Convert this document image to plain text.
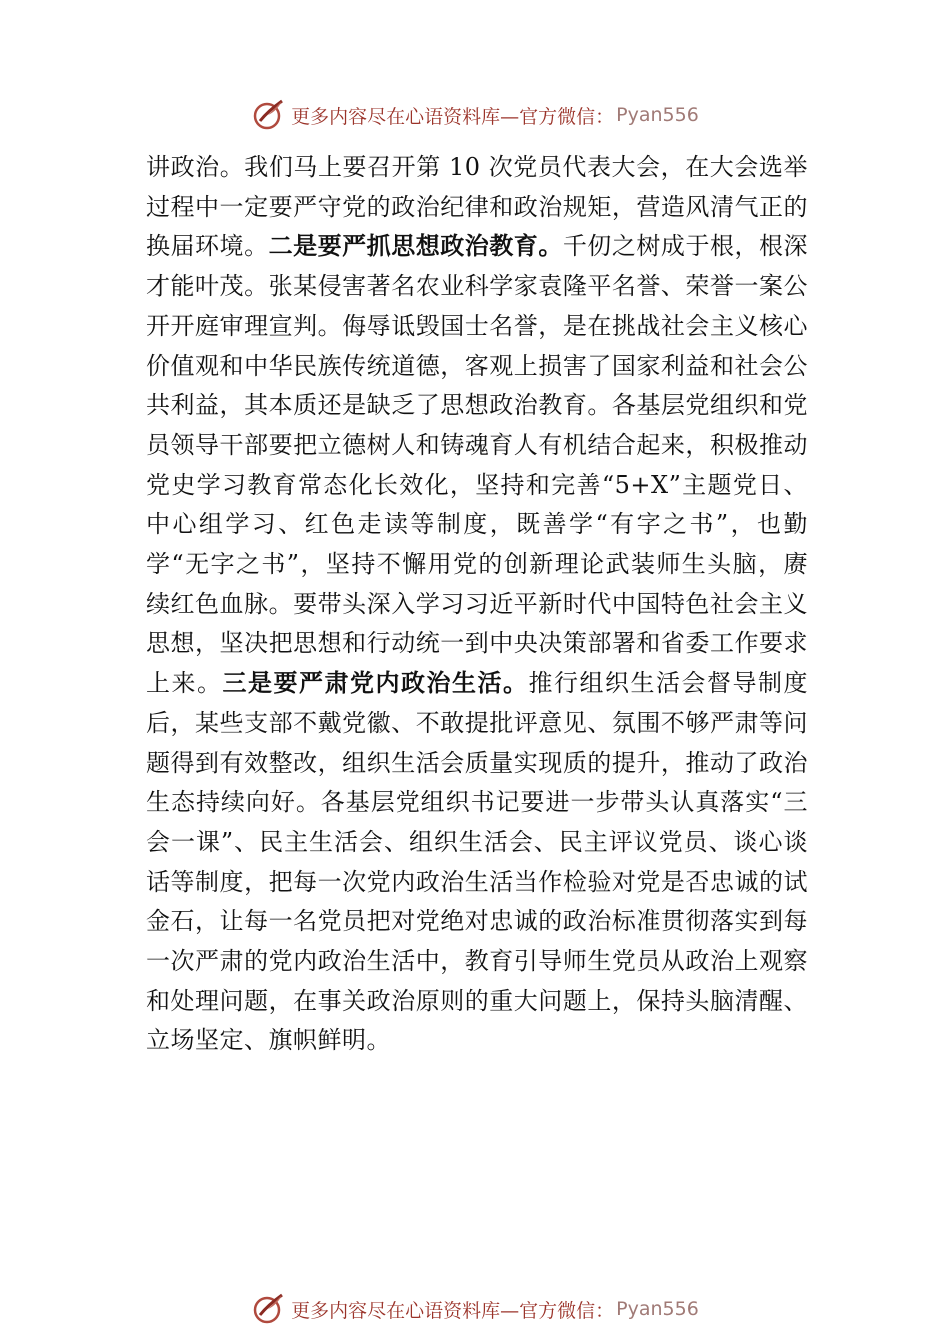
更多内容尽在心语资料库—官方微信： Pyan556

讲政治。我们马上要召开第 10 次党员代表大会，在大会选举过程中一定要严守党的政治纪律和政治规矩，营造风清气正的换届环境。二是要严抓思想政治教育。千仞之树成于根，根深才能叶茂。张某侵害著名农业科学家袁隆平名誉、荣誉一案公开开庭审理宣判。侮辱诋毁国士名誉，是在挑战社会主义核心价值观和中华民族传统道德，客观上损害了国家利益和社会公共利益，其本质还是缺乏了思想政治教育。各基层党组织和党员领导干部要把立德树人和铸魂育人有机结合起来，积极推动党史学习教育常态化长效化，坚持和完善“5+X”主题党日、中心组学习、红色走读等制度，既善学“有字之书”，也勤学“无字之书”，坚持不懈用党的创新理论武装师生头脑，赓续红色血脉。要带头深入学习习近平新时代中国特色社会主义思想，坚决把思想和行动统一到中央决策部署和省委工作要求上来。三是要严肃党内政治生活。推行组织生活会督导制度后，某些支部不戴党徽、不敢提批评意见、氛围不够严肃等问题得到有效整改，组织生活会质量实现质的提升，推动了政治生态持续向好。各基层党组织书记要进一步带头认真落实“三会一课”、民主生活会、组织生活会、民主评议党员、谈心谈话等制度，把每一次党内政治生活当作检验对党是否忠诚的试金石，让每一名党员把对党绝对忠诚的政治标准贯彻落实到每一次严肃的党内政治生活中，教育引导师生党员从政治上观察和处理问题，在事关政治原则的重大问题上，保持头脑清醒、立场坚定、旗帜鲜明。

更多内容尽在心语资料库—官方微信： Pyan556
